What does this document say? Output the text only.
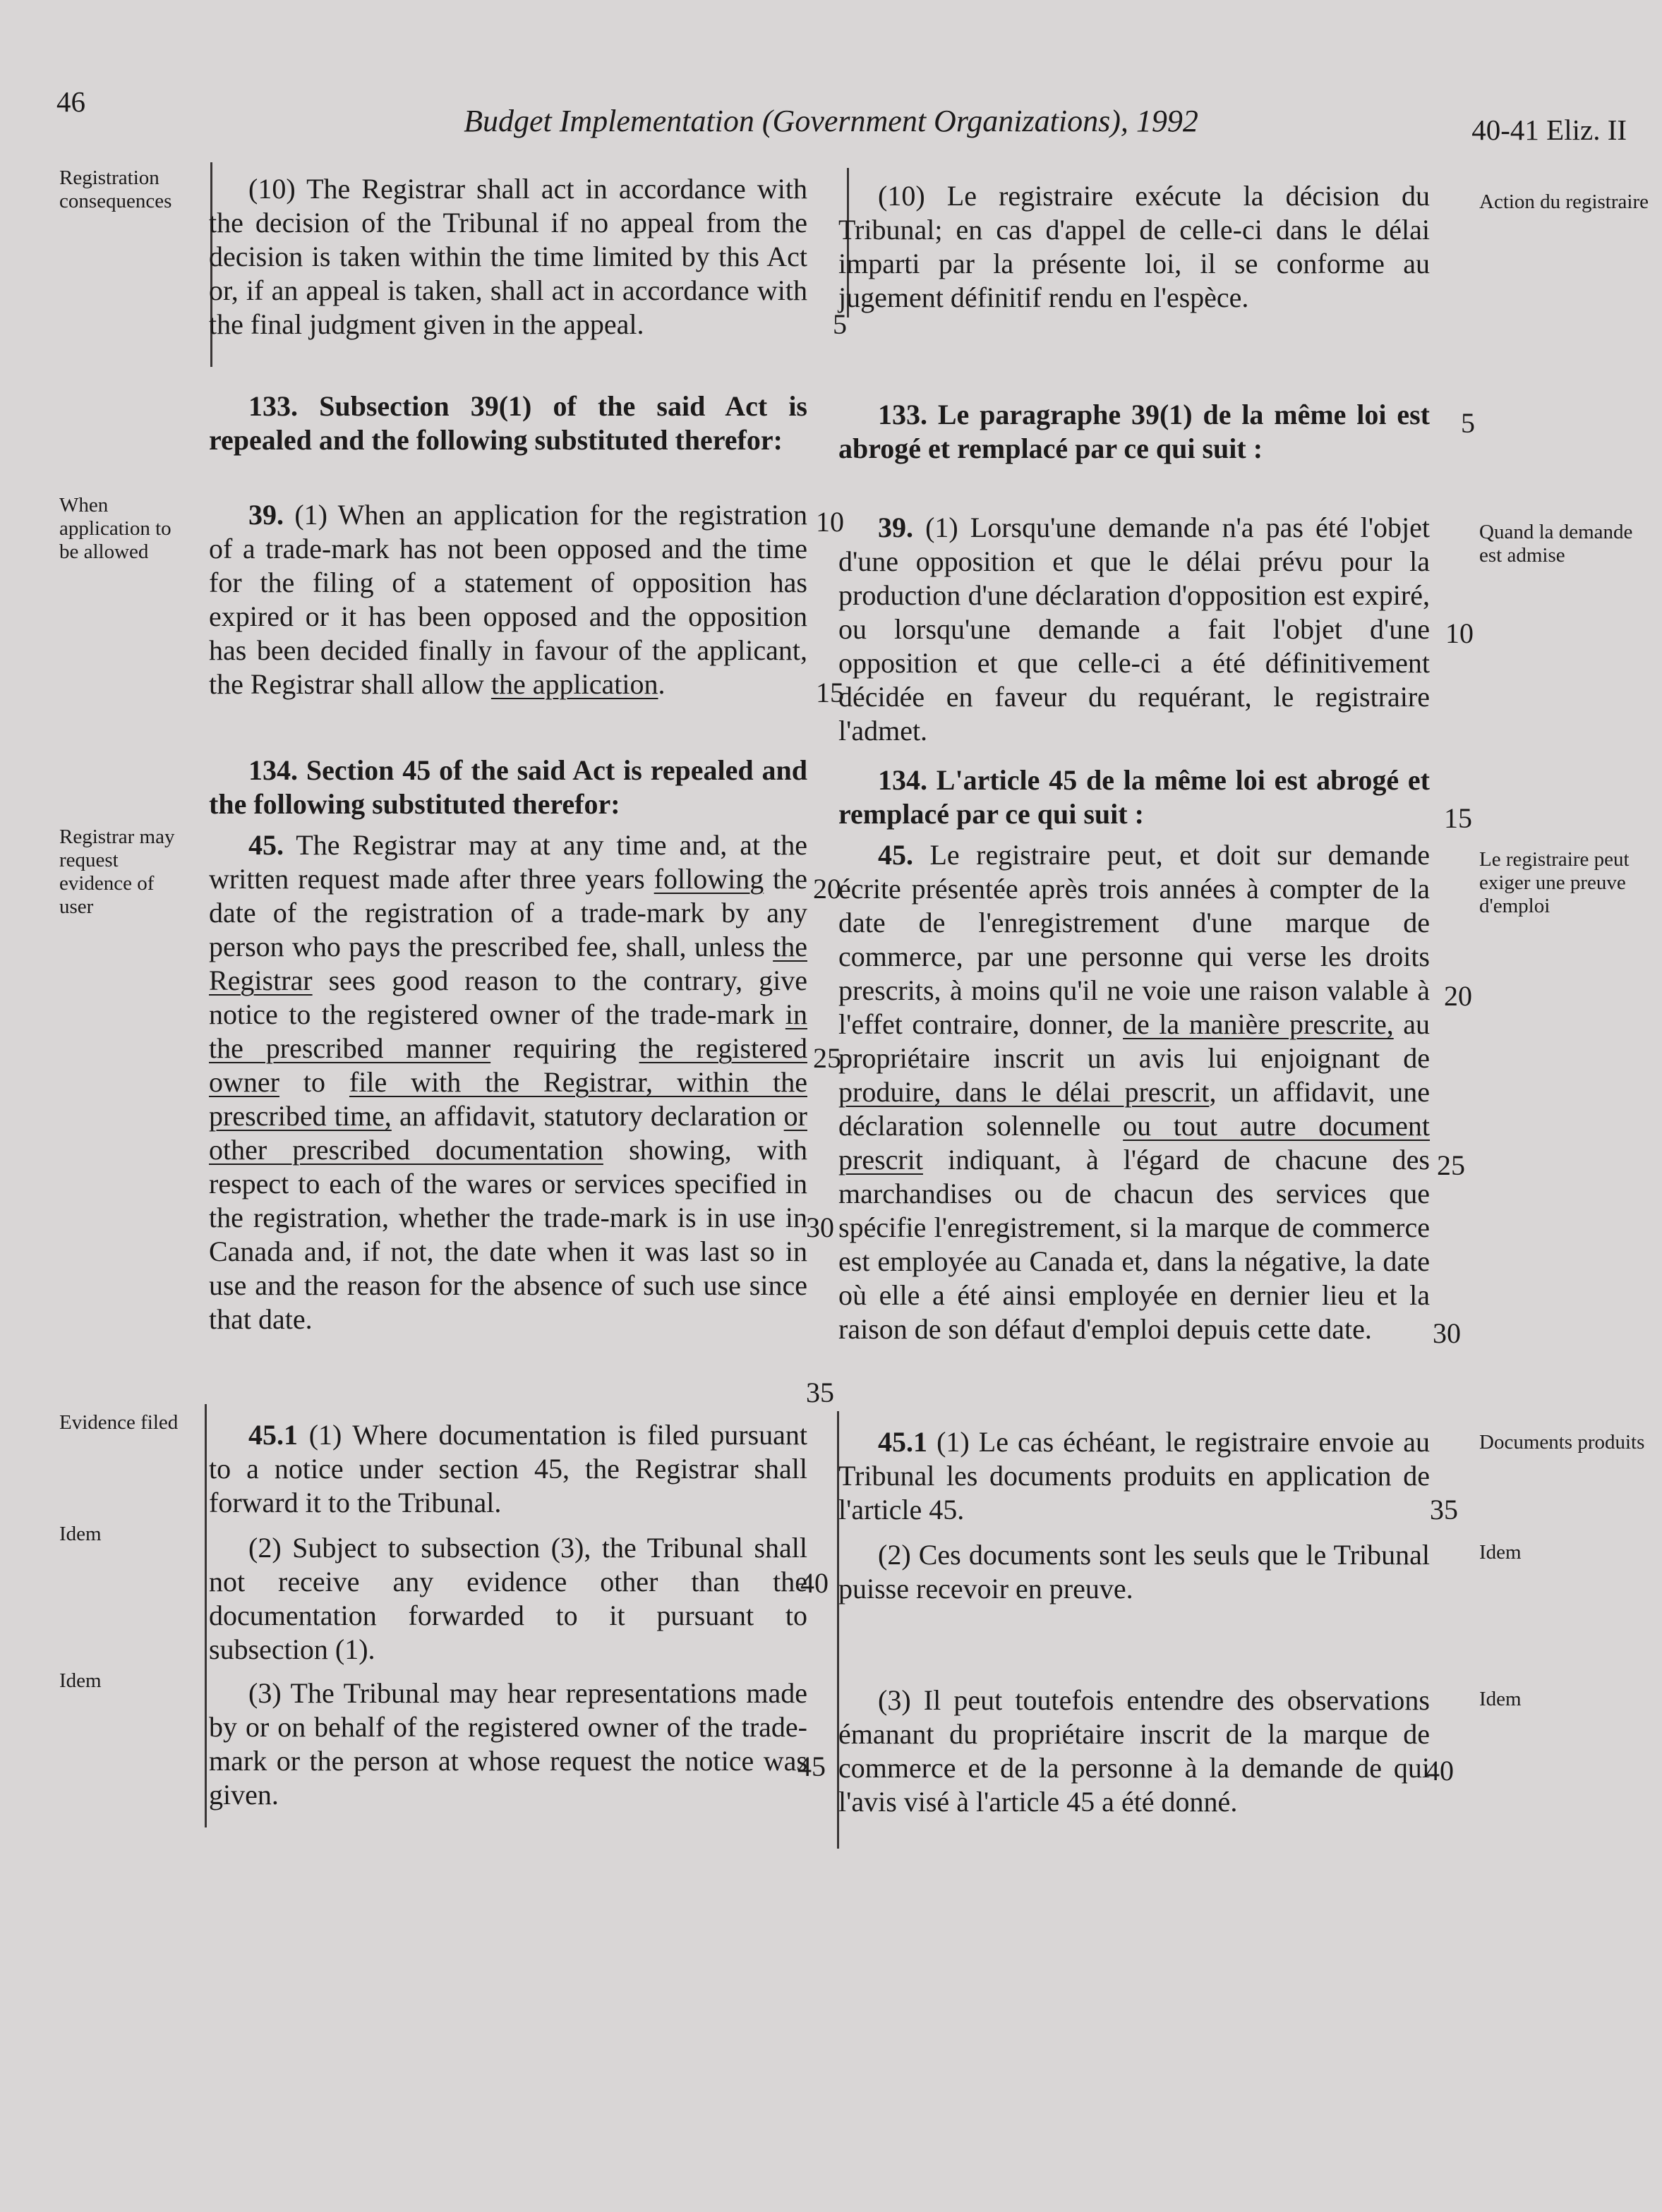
46
Budget Implementation (Government Organizations), 1992	40-41 Eliz. II
Registration consequences
When application to be allowed
Registrar may request evidence of user
Evidence filed
Idem
Idem
Action du registraire
Quand la demande est admise
Le registraire peut exiger une preuve d'emploi
Documents produits
Idem
Idem

(10) The Registrar shall act in accordance with the decision of the Tribunal if no appeal from the decision is taken within the time limited by this Act or, if an appeal is taken, shall act in accordance with the final judgment given in the appeal.

133. Subsection 39(1) of the said Act is repealed and the following substituted therefor:

39. (1) When an application for the registration of a trade-mark has not been opposed and the time for the filing of a statement of opposition has expired or it has been opposed and the opposition has been decided finally in favour of the applicant, the Registrar shall allow the application.

134. Section 45 of the said Act is repealed and the following substituted therefor:

45. The Registrar may at any time and, at the written request made after three years following the date of the registration of a trade-mark by any person who pays the prescribed fee, shall, unless the Registrar sees good reason to the contrary, give notice to the registered owner of the trade-mark in the prescribed manner requiring the registered owner to file with the Registrar, within the prescribed time, an affidavit, statutory declaration or other prescribed documentation showing, with respect to each of the wares or services specified in the registration, whether the trade-mark is in use in Canada and, if not, the date when it was last so in use and the reason for the absence of such use since that date.

45.1 (1) Where documentation is filed pursuant to a notice under section 45, the Registrar shall forward it to the Tribunal.

(2) Subject to subsection (3), the Tribunal shall not receive any evidence other than the documentation forwarded to it pursuant to subsection (1).

(3) The Tribunal may hear representations made by or on behalf of the registered owner of the trade-mark or the person at whose request the notice was given.

(10) Le registraire exécute la décision du Tribunal; en cas d'appel de celle-ci dans le délai imparti par la présente loi, il se conforme au jugement définitif rendu en l'espèce.

133. Le paragraphe 39(1) de la même loi est abrogé et remplacé par ce qui suit :

39. (1) Lorsqu'une demande n'a pas été l'objet d'une opposition et que le délai prévu pour la production d'une déclaration d'opposition est expiré, ou lorsqu'une demande a fait l'objet d'une opposition et que celle-ci a été définitivement décidée en faveur du requérant, le registraire l'admet.

134. L'article 45 de la même loi est abrogé et remplacé par ce qui suit :

45. Le registraire peut, et doit sur demande écrite présentée après trois années à compter de la date de l'enregistrement d'une marque de commerce, par une personne qui verse les droits prescrits, à moins qu'il ne voie une raison valable à l'effet contraire, donner, de la manière prescrite, au propriétaire inscrit un avis lui enjoignant de produire, dans le délai prescrit, un affidavit, une déclaration solennelle ou tout autre document prescrit indiquant, à l'égard de chacune des marchandises ou de chacun des services que spécifie l'enregistrement, si la marque de commerce est employée au Canada et, dans la négative, la date où elle a été ainsi employée en dernier lieu et la raison de son défaut d'emploi depuis cette date.

45.1 (1) Le cas échéant, le registraire envoie au Tribunal les documents produits en application de l'article 45.

(2) Ces documents sont les seuls que le Tribunal puisse recevoir en preuve.

(3) Il peut toutefois entendre des observations émanant du propriétaire inscrit de la marque de commerce et de la personne à la demande de qui l'avis visé à l'article 45 a été donné.

5
10
15
20
25
30
35
40
45
5
10
15
20
25
30
35
40
